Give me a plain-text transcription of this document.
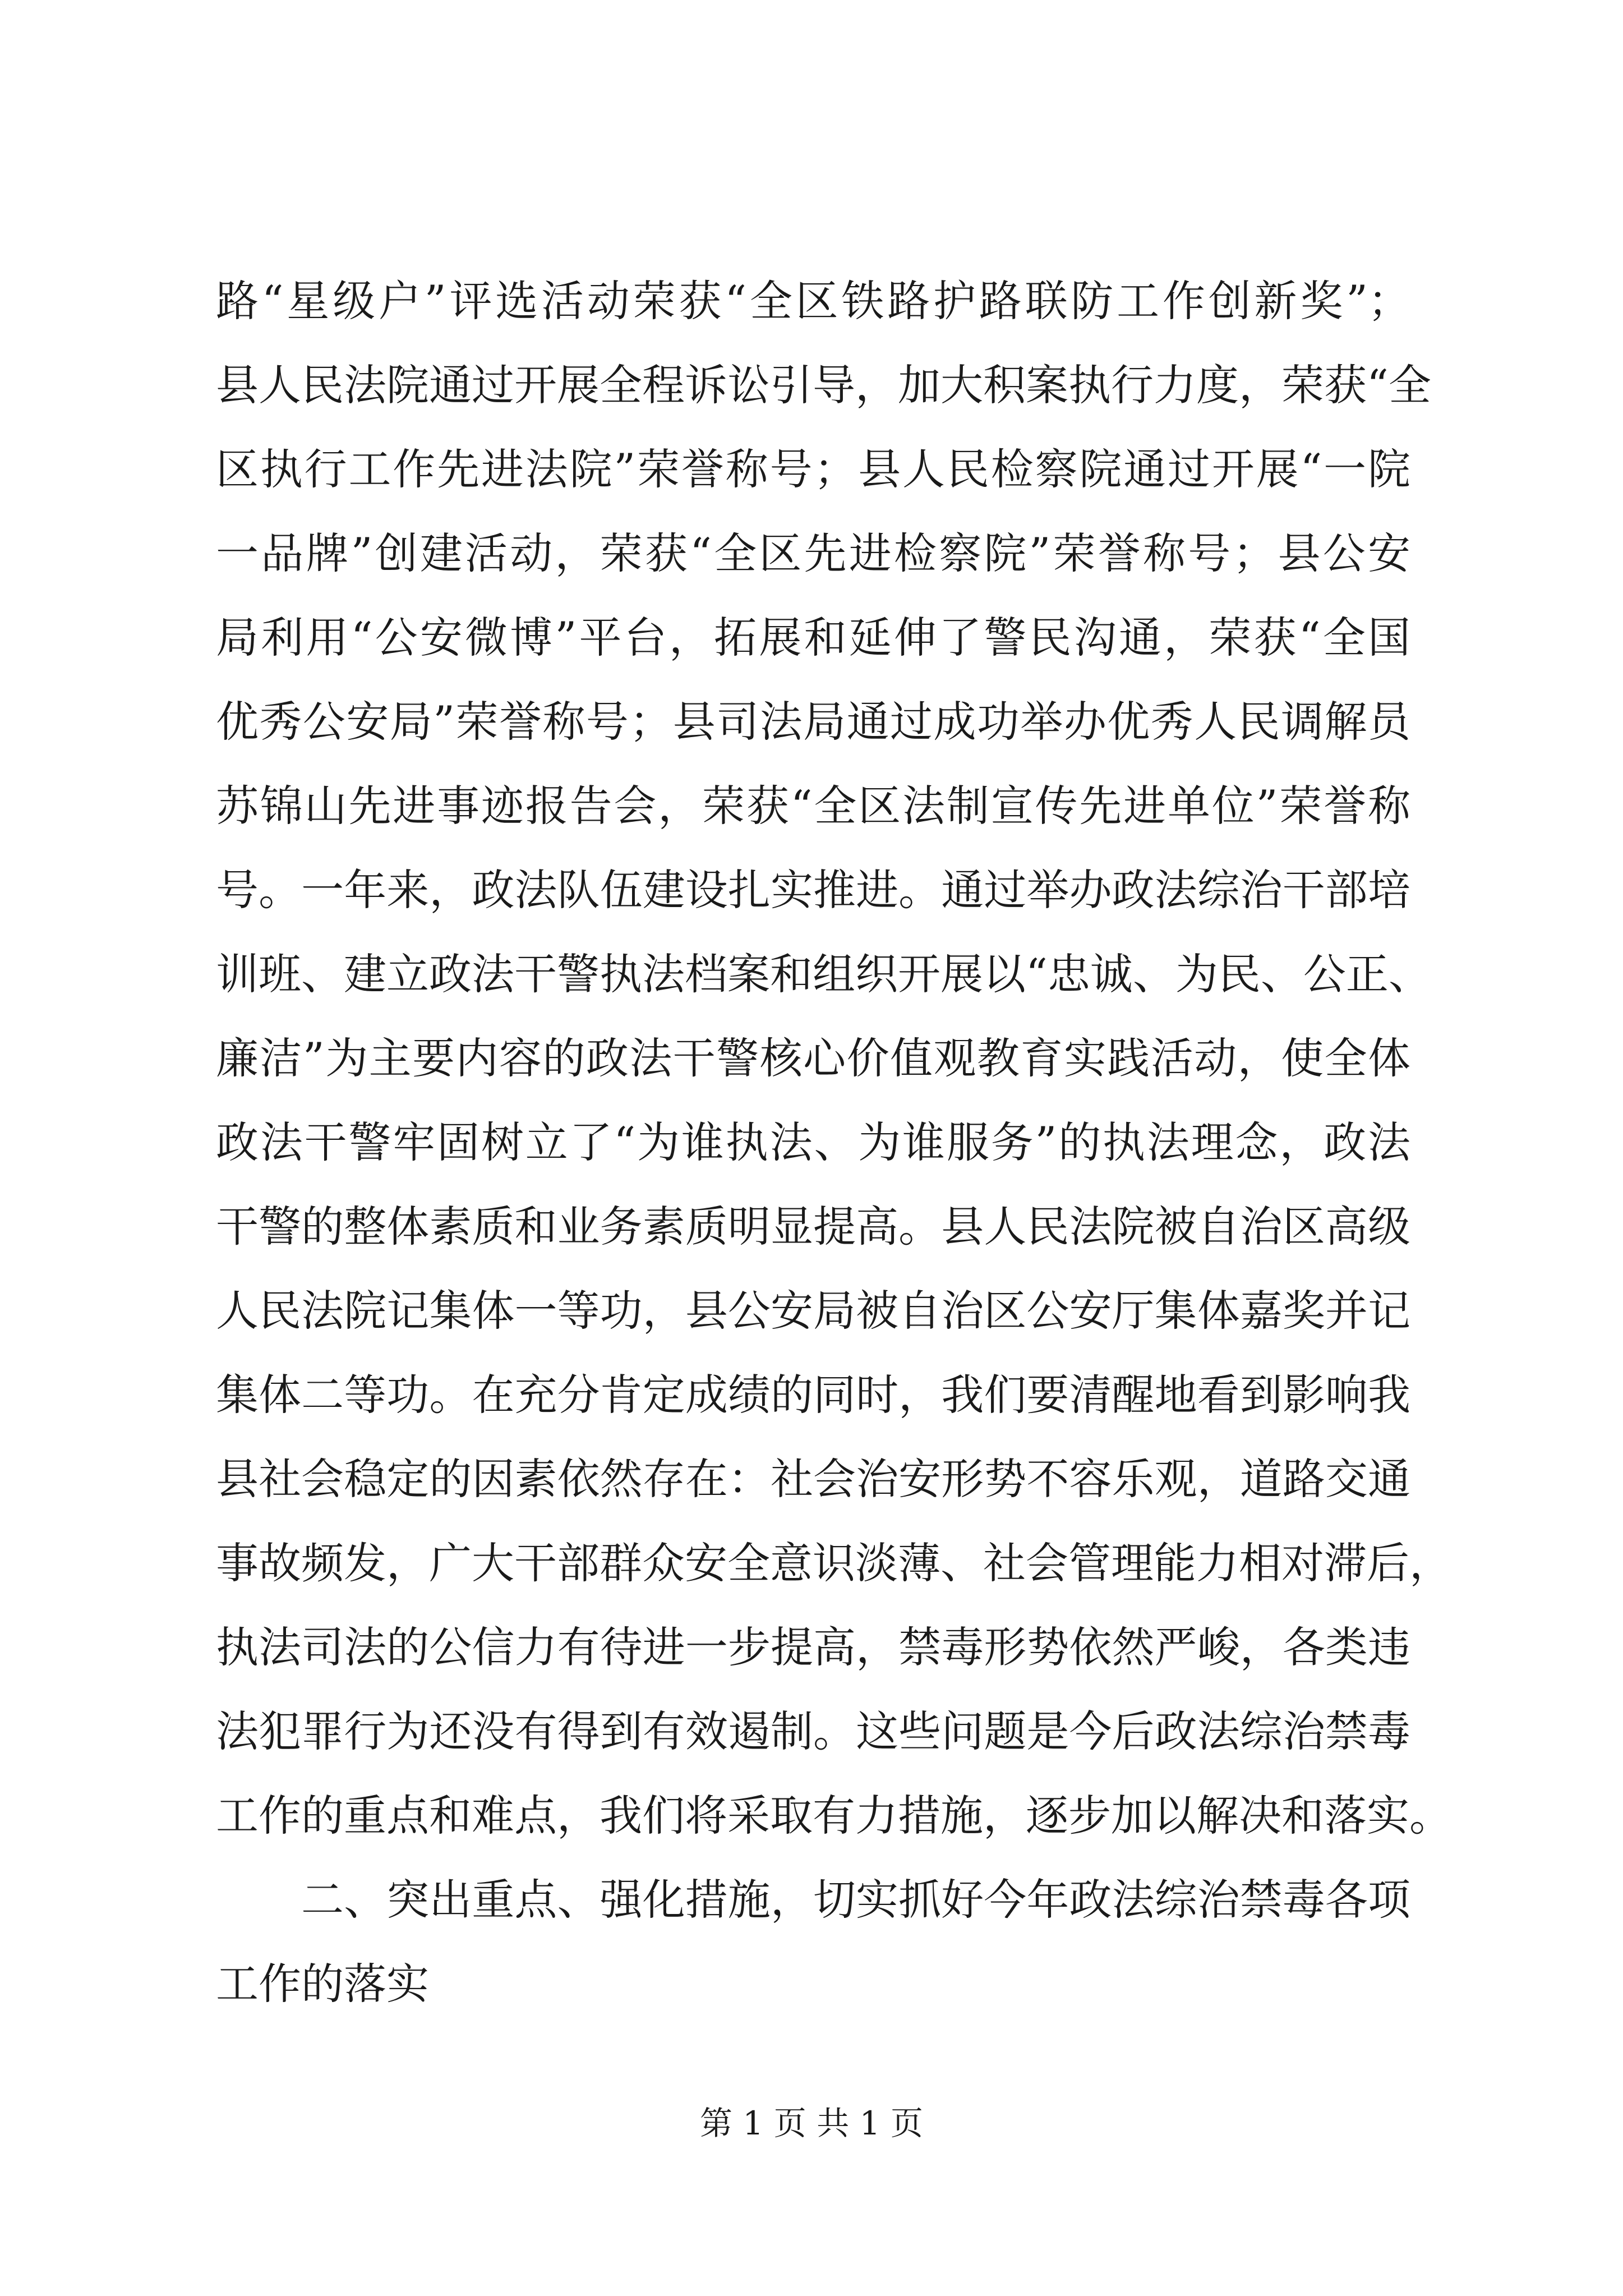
路“星级户”评选活动荣获“全区铁路护路联防工作创新奖”；
县人民法院通过开展全程诉讼引导，加大积案执行力度，荣获“全
区执行工作先进法院”荣誉称号；县人民检察院通过开展“一院
一品牌”创建活动，荣获“全区先进检察院”荣誉称号；县公安
局利用“公安微博”平台，拓展和延伸了警民沟通，荣获“全国
优秀公安局”荣誉称号；县司法局通过成功举办优秀人民调解员
苏锦山先进事迹报告会，荣获“全区法制宣传先进单位”荣誉称
号。一年来，政法队伍建设扎实推进。通过举办政法综治干部培
训班、建立政法干警执法档案和组织开展以“忠诚、为民、公正、
廉洁”为主要内容的政法干警核心价值观教育实践活动，使全体
政法干警牢固树立了“为谁执法、为谁服务”的执法理念，政法
干警的整体素质和业务素质明显提高。县人民法院被自治区高级
人民法院记集体一等功，县公安局被自治区公安厅集体嘉奖并记
集体二等功。在充分肯定成绩的同时，我们要清醒地看到影响我
县社会稳定的因素依然存在：社会治安形势不容乐观，道路交通
事故频发，广大干部群众安全意识淡薄、社会管理能力相对滞后，
执法司法的公信力有待进一步提高，禁毒形势依然严峻，各类违
法犯罪行为还没有得到有效遏制。这些问题是今后政法综治禁毒
工作的重点和难点，我们将采取有力措施，逐步加以解决和落实。
二、突出重点、强化措施，切实抓好今年政法综治禁毒各项
工作的落实
第 1 页 共 1 页
